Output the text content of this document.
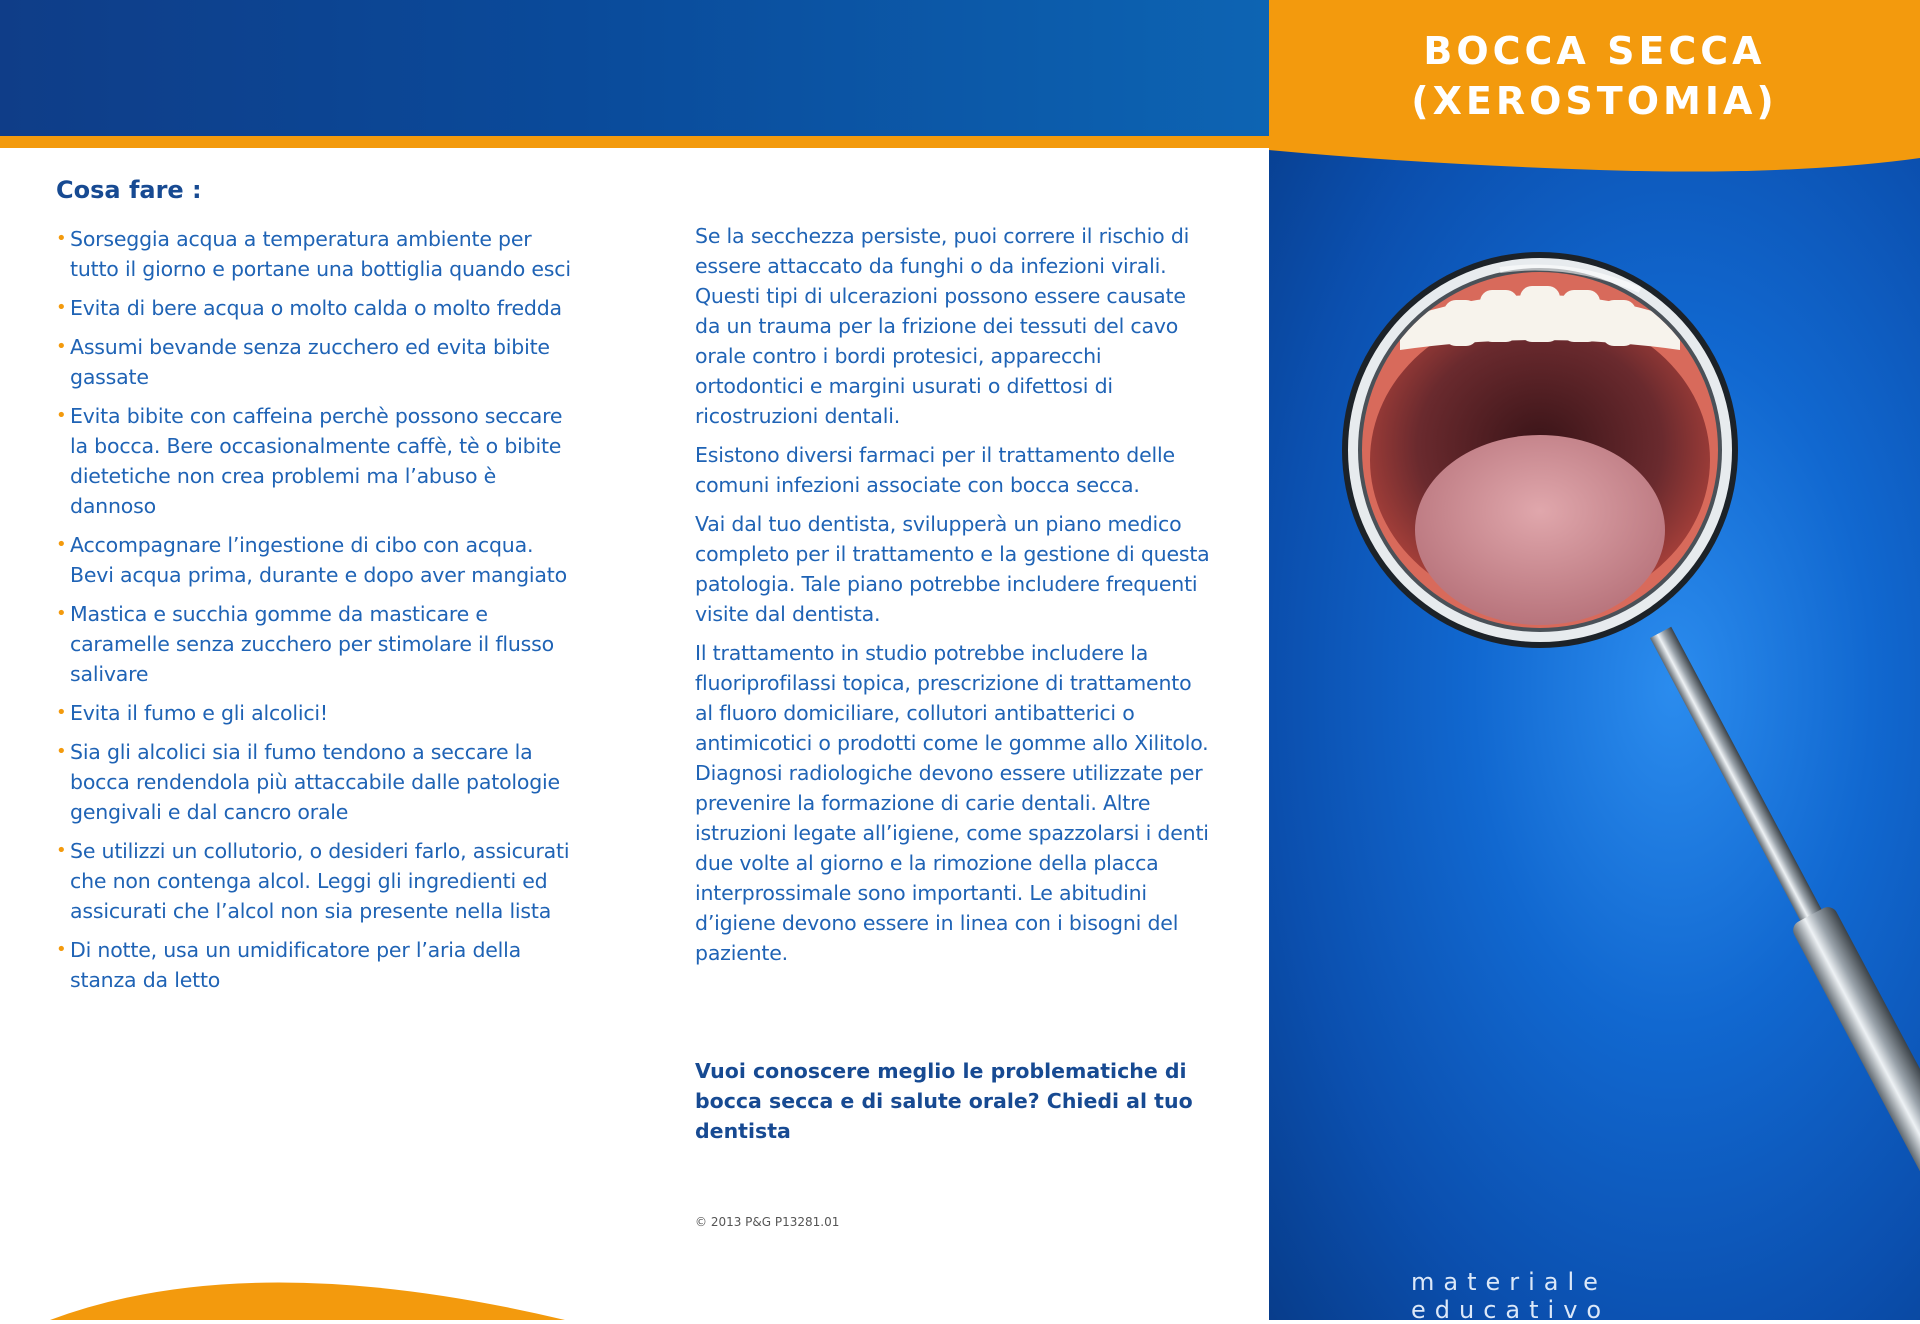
BOCCA SECCA
(XEROSTOMIA)
materiale educativo
Cosa fare :
• Sorseggia acqua a temperatura ambiente per tutto il giorno e portane una bottiglia quando esci
• Evita di bere acqua o molto calda o molto fredda
• Assumi bevande senza zucchero ed evita bibite gassate
• Evita bibite con caffeina perchè possono seccare la bocca. Bere occasionalmente caffè, tè o bibite dietetiche non crea problemi ma l’abuso è dannoso
• Accompagnare l’ingestione di cibo con acqua. Bevi acqua prima, durante e dopo aver mangiato
• Mastica e succhia gomme da masticare e caramelle senza zucchero per stimolare il flusso salivare
• Evita il fumo e gli alcolici!
• Sia gli alcolici sia il fumo tendono a seccare la bocca rendendola più attaccabile dalle patologie gengivali e dal cancro orale
• Se utilizzi un collutorio, o desideri farlo, assicurati che non contenga alcol. Leggi gli ingredienti ed assicurati che l’alcol non sia presente nella lista
• Di notte, usa un umidificatore per l’aria della stanza da letto

Se la secchezza persiste, puoi correre il rischio di essere attaccato da funghi o da infezioni virali. Questi tipi di ulcerazioni possono essere causate da un trauma per la frizione dei tessuti del cavo orale contro i bordi protesici, apparecchi ortodontici e margini usurati o difettosi di ricostruzioni dentali.

Esistono diversi farmaci per il trattamento delle comuni infezioni associate con bocca secca.

Vai dal tuo dentista, svilupperà un piano medico completo per il trattamento e la gestione di questa patologia. Tale piano potrebbe includere frequenti visite dal dentista.

Il trattamento in studio potrebbe includere la fluoriprofilassi topica, prescrizione di trattamento al fluoro domiciliare, collutori antibatterici o antimicotici o prodotti come le gomme allo Xilitolo. Diagnosi radiologiche devono essere utilizzate per prevenire la formazione di carie dentali. Altre istruzioni legate all’igiene, come spazzolarsi i denti due volte al giorno e la rimozione della placca interprossimale sono importanti. Le abitudini d’igiene devono essere in linea con i bisogni del paziente.

Vuoi conoscere meglio le problematiche di bocca secca e di salute orale? Chiedi al tuo dentista
© 2013 P&G P13281.01
